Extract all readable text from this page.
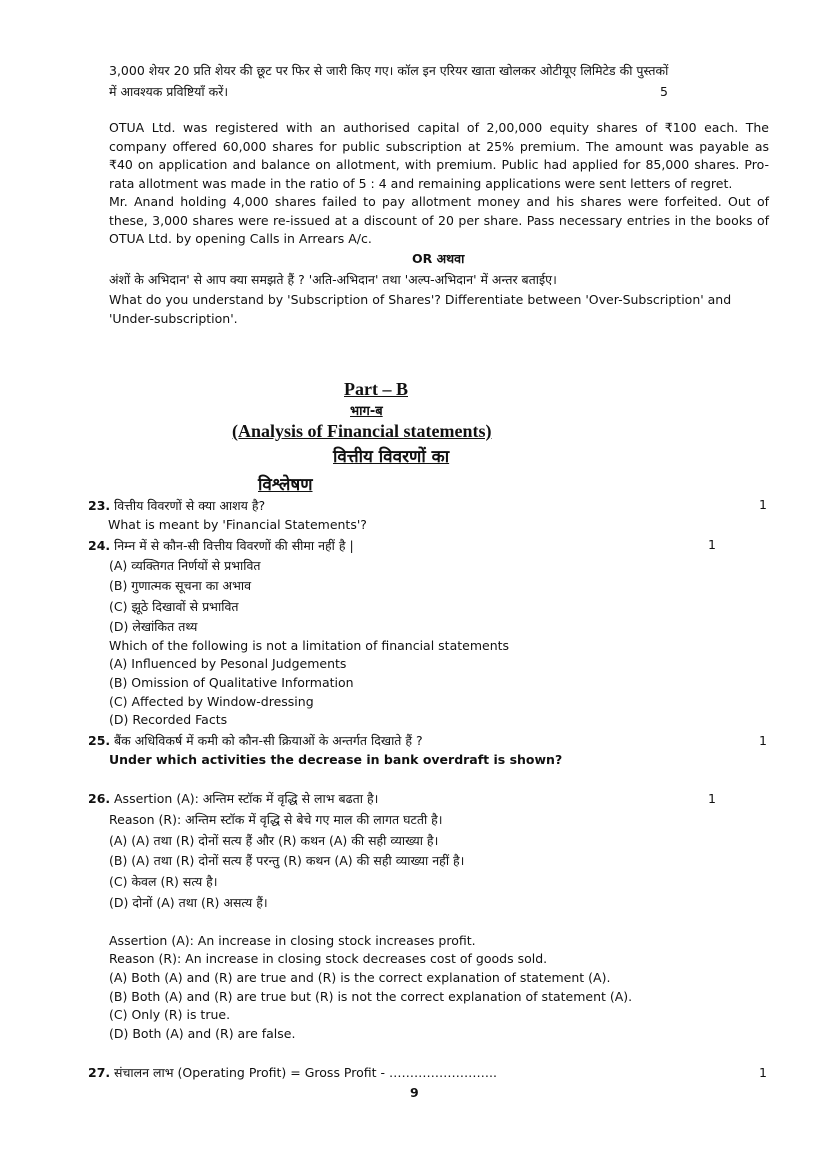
3,000 शेयर 20 प्रति शेयर की छूट पर फिर से जारी किए गए। कॉल इन एरियर खाता खोलकर ओटीयूए लिमिटेड की पुस्तकों
में आवश्यक प्रविष्टियाँ करें।	5
OTUA Ltd. was registered with an authorised capital of 2,00,000 equity shares of ₹100 each. The company offered 60,000 shares for public subscription at 25% premium. The amount was payable as ₹40 on application and balance on allotment, with premium. Public had applied for 85,000 shares. Pro-rata allotment was made in the ratio of 5 : 4 and remaining applications were sent letters of regret.
Mr. Anand holding 4,000 shares failed to pay allotment money and his shares were forfeited. Out of these, 3,000 shares were re-issued at a discount of 20 per share. Pass necessary entries in the books of OTUA Ltd. by opening Calls in Arrears A/c.
OR अथवा
अंशों के अभिदान' से आप क्या समझते हैं ? 'अति-अभिदान' तथा 'अल्प-अभिदान' में अन्तर बताईए।
What do you understand by 'Subscription of Shares'? Differentiate between 'Over-Subscription' and
'Under-subscription'.
Part – B
भाग-ब
(Analysis of Financial statements)
वित्तीय विवरणों का
विश्लेषण
23. वित्तीय विवरणों से क्या आशय है?	1
What is meant by 'Financial Statements'?
24. निम्न में से कौन-सी वित्तीय विवरणों की सीमा नहीं है |	1
(A) व्यक्तिगत निर्णयों से प्रभावित
(B) गुणात्मक सूचना का अभाव
(C) झूठे दिखावों से प्रभावित
(D) लेखांकित तथ्य
Which of the following is not a limitation of financial statements
(A) Influenced by Pesonal Judgements
(B) Omission of Qualitative Information
(C) Affected by Window-dressing
(D) Recorded Facts
25. बैंक अधिविकर्ष में कमी को कौन-सी क्रियाओं के अन्तर्गत दिखाते हैं ?	1
Under which activities the decrease in bank overdraft is shown?
26. Assertion (A): अन्तिम स्टॉक में वृद्धि से लाभ बढता है।	1
Reason (R): अन्तिम स्टॉक में वृद्धि से बेचे गए माल की लागत घटती है।
(A) (A) तथा (R) दोनों सत्य हैं और (R) कथन (A) की सही व्याख्या है।
(B) (A) तथा (R) दोनों सत्य हैं परन्तु (R) कथन (A) की सही व्याख्या नहीं है।
(C) केवल (R) सत्य है।
(D) दोनों (A) तथा (R) असत्य हैं।
Assertion (A): An increase in closing stock increases profit.
Reason (R): An increase in closing stock decreases cost of goods sold.
(A) Both (A) and (R) are true and (R) is the correct explanation of statement (A).
(B) Both (A) and (R) are true but (R) is not the correct explanation of statement (A).
(C) Only (R) is true.
(D) Both (A) and (R) are false.
27. संचालन लाभ (Operating Profit) = Gross Profit - ……………………..	1
9
